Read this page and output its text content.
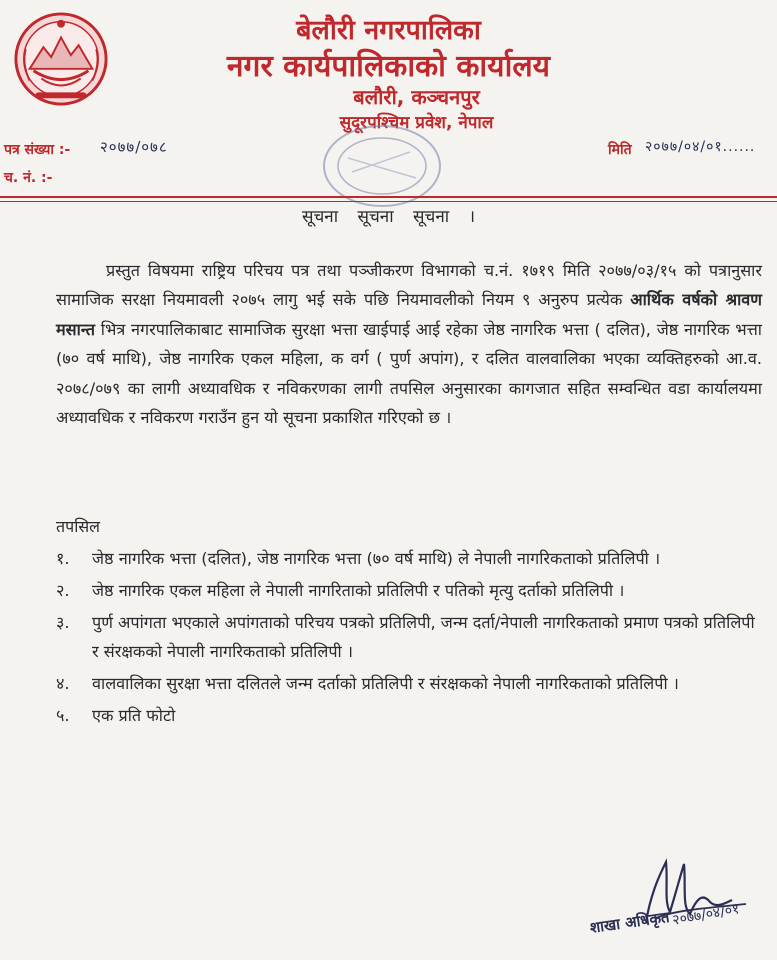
बेलौरी नगरपालिका
नगर कार्यपालिकाको कार्यालय
बलौरी, कञ्चनपुर
सुदूरपश्चिम प्रवेश, नेपाल
पत्र संख्या :- २०७७/०७८
च. नं. :-
मिति २०७७/०४/०१......
सूचना सूचना सूचना ।
प्रस्तुत विषयमा राष्ट्रिय परिचय पत्र तथा पञ्जीकरण विभागको च.नं. १७१९ मिति २०७७/०३/१५ को पत्रानुसार सामाजिक सरक्षा नियमावली २०७५ लागु भई सके पछि नियमावलीको नियम ९ अनुरुप प्रत्येक आर्थिक वर्षको श्रावण मसान्त भित्र नगरपालिकाबाट सामाजिक सुरक्षा भत्ता खाईपाई आई रहेका जेष्ठ नागरिक भत्ता ( दलित), जेष्ठ नागरिक भत्ता (७० वर्ष माथि), जेष्ठ नागरिक एकल महिला, क वर्ग ( पुर्ण अपांग), र दलित वालवालिका भएका व्यक्तिहरुको आ.व. २०७८/०७९ का लागी अध्यावधिक र नविकरणका लागी तपसिल अनुसारका कागजात सहित सम्वन्धित वडा कार्यालयमा अध्यावधिक र नविकरण गराउँन हुन यो सूचना प्रकाशित गरिएको छ ।
तपसिल
१. जेष्ठ नागरिक भत्ता (दलित), जेष्ठ नागरिक भत्ता (७० वर्ष माथि) ले नेपाली नागरिकताको प्रतिलिपी ।
२. जेष्ठ नागरिक एकल महिला ले नेपाली नागरिताको प्रतिलिपी र पतिको मृत्यु दर्ताको प्रतिलिपी ।
३. पुर्ण अपांगता भएकाले अपांगताको परिचय पत्रको प्रतिलिपी, जन्म दर्ता/नेपाली नागरिकताको प्रमाण पत्रको प्रतिलिपी र संरक्षकको नेपाली नागरिकताको प्रतिलिपी ।
४. वालवालिका सुरक्षा भत्ता दलितले जन्म दर्ताको प्रतिलिपी र संरक्षकको नेपाली नागरिकताको प्रतिलिपी ।
५. एक प्रति फोटो
शाखा अधिकृत २०७७/०४/०१
